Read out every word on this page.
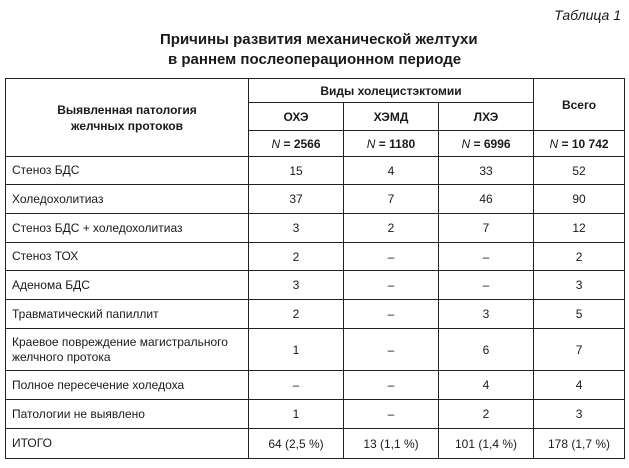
Таблица 1
Причины развития механической желтухи
в раннем послеоперационном периоде
Выявленная патология желчных протоков	Виды холецистэктомии			Всего
	ОХЭ	ХЭМД	ЛХЭ	
	N = 2566	N = 1180	N = 6996	N = 10 742
Стеноз БДС	15	4	33	52
Холедохолитиаз	37	7	46	90
Стеноз БДС + холедохолитиаз	3	2	7	12
Стеноз ТОХ	2	–	–	2
Аденома БДС	3	–	–	3
Травматический папиллит	2	–	3	5
Краевое повреждение магистрального желчного протока	1	–	6	7
Полное пересечение холедоха	–	–	4	4
Патологии не выявлено	1	–	2	3
ИТОГО	64 (2,5 %)	13 (1,1 %)	101 (1,4 %)	178 (1,7 %)
